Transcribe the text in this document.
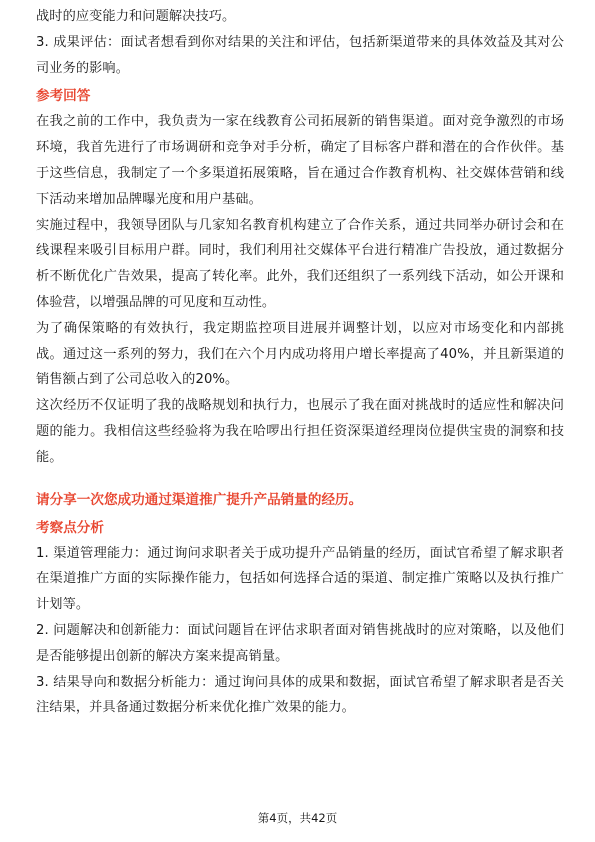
战时的应变能力和问题解决技巧。

3. 成果评估：面试者想看到你对结果的关注和评估，包括新渠道带来的具体效益及其对公司业务的影响。

参考回答

在我之前的工作中，我负责为一家在线教育公司拓展新的销售渠道。面对竞争激烈的市场环境，我首先进行了市场调研和竞争对手分析，确定了目标客户群和潜在的合作伙伴。基于这些信息，我制定了一个多渠道拓展策略，旨在通过合作教育机构、社交媒体营销和线下活动来增加品牌曝光度和用户基础。

实施过程中，我领导团队与几家知名教育机构建立了合作关系，通过共同举办研讨会和在线课程来吸引目标用户群。同时，我们利用社交媒体平台进行精准广告投放，通过数据分析不断优化广告效果，提高了转化率。此外，我们还组织了一系列线下活动，如公开课和体验营，以增强品牌的可见度和互动性。

为了确保策略的有效执行，我定期监控项目进展并调整计划，以应对市场变化和内部挑战。通过这一系列的努力，我们在六个月内成功将用户增长率提高了40%，并且新渠道的销售额占到了公司总收入的20%。

这次经历不仅证明了我的战略规划和执行力，也展示了我在面对挑战时的适应性和解决问题的能力。我相信这些经验将为我在哈啰出行担任资深渠道经理岗位提供宝贵的洞察和技能。

请分享一次您成功通过渠道推广提升产品销量的经历。

考察点分析

1. 渠道管理能力：通过询问求职者关于成功提升产品销量的经历，面试官希望了解求职者在渠道推广方面的实际操作能力，包括如何选择合适的渠道、制定推广策略以及执行推广计划等。

2. 问题解决和创新能力：面试问题旨在评估求职者面对销售挑战时的应对策略，以及他们是否能够提出创新的解决方案来提高销量。

3. 结果导向和数据分析能力：通过询问具体的成果和数据，面试官希望了解求职者是否关注结果，并具备通过数据分析来优化推广效果的能力。

第4页，共42页
